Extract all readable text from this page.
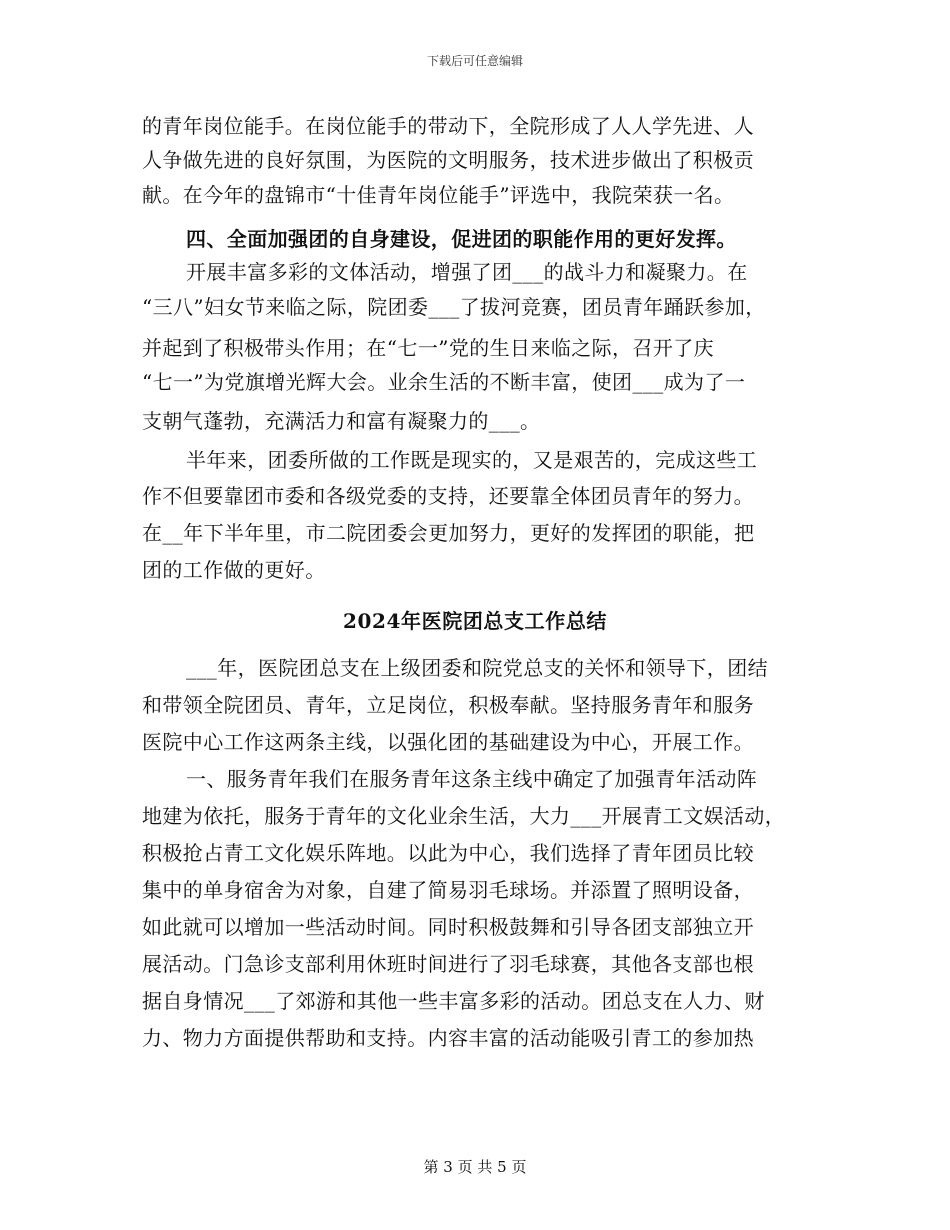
下载后可任意编辑
的青年岗位能手。在岗位能手的带动下，全院形成了人人学先进、人
人争做先进的良好氛围，为医院的文明服务，技术进步做出了积极贡
献。在今年的盘锦市“十佳青年岗位能手”评选中，我院荣获一名。
四、全面加强团的自身建设，促进团的职能作用的更好发挥。
开展丰富多彩的文体活动，增强了团___的战斗力和凝聚力。在
“三八”妇女节来临之际，院团委___了拔河竞赛，团员青年踊跃参加，
并起到了积极带头作用；在“七一”党的生日来临之际，召开了庆
“七一”为党旗增光辉大会。业余生活的不断丰富，使团___成为了一
支朝气蓬勃，充满活力和富有凝聚力的___。
半年来，团委所做的工作既是现实的，又是艰苦的，完成这些工
作不但要靠团市委和各级党委的支持，还要靠全体团员青年的努力。
在__年下半年里，市二院团委会更加努力，更好的发挥团的职能，把
团的工作做的更好。
2024年医院团总支工作总结
___年，医院团总支在上级团委和院党总支的关怀和领导下，团结
和带领全院团员、青年，立足岗位，积极奉献。坚持服务青年和服务
医院中心工作这两条主线，以强化团的基础建设为中心，开展工作。
一、服务青年我们在服务青年这条主线中确定了加强青年活动阵
地建为依托，服务于青年的文化业余生活，大力___开展青工文娱活动，
积极抢占青工文化娱乐阵地。以此为中心，我们选择了青年团员比较
集中的单身宿舍为对象，自建了简易羽毛球场。并添置了照明设备，
如此就可以增加一些活动时间。同时积极鼓舞和引导各团支部独立开
展活动。门急诊支部利用休班时间进行了羽毛球赛，其他各支部也根
据自身情况___了郊游和其他一些丰富多彩的活动。团总支在人力、财
力、物力方面提供帮助和支持。内容丰富的活动能吸引青工的参加热
第 3 页 共 5 页
